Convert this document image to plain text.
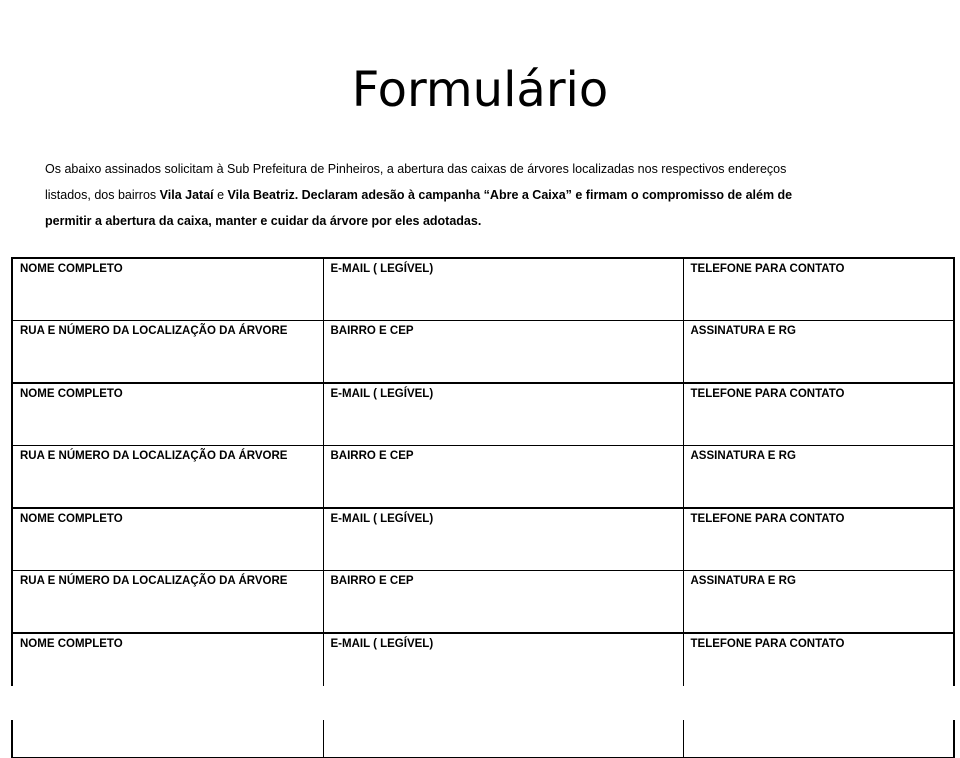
Formulário

Os abaixo assinados solicitam à Sub Prefeitura de Pinheiros, a abertura das caixas de árvores localizadas nos respectivos endereços

listados, dos bairros Vila Jataí e Vila Beatriz. Declaram adesão à campanha “Abre a Caixa” e firmam o compromisso de além de

permitir a abertura da caixa, manter e cuidar da árvore por eles adotadas.

NOME COMPLETO	E-MAIL ( LEGÍVEL)	TELEFONE PARA CONTATO
RUA E NÚMERO DA LOCALIZAÇÃO DA ÁRVORE	BAIRRO E CEP	ASSINATURA E RG
NOME COMPLETO	E-MAIL ( LEGÍVEL)	TELEFONE PARA CONTATO
RUA E NÚMERO DA LOCALIZAÇÃO DA ÁRVORE	BAIRRO E CEP	ASSINATURA E RG
NOME COMPLETO	E-MAIL ( LEGÍVEL)	TELEFONE PARA CONTATO
RUA E NÚMERO DA LOCALIZAÇÃO DA ÁRVORE	BAIRRO E CEP	ASSINATURA E RG
NOME COMPLETO	E-MAIL ( LEGÍVEL)	TELEFONE PARA CONTATO
